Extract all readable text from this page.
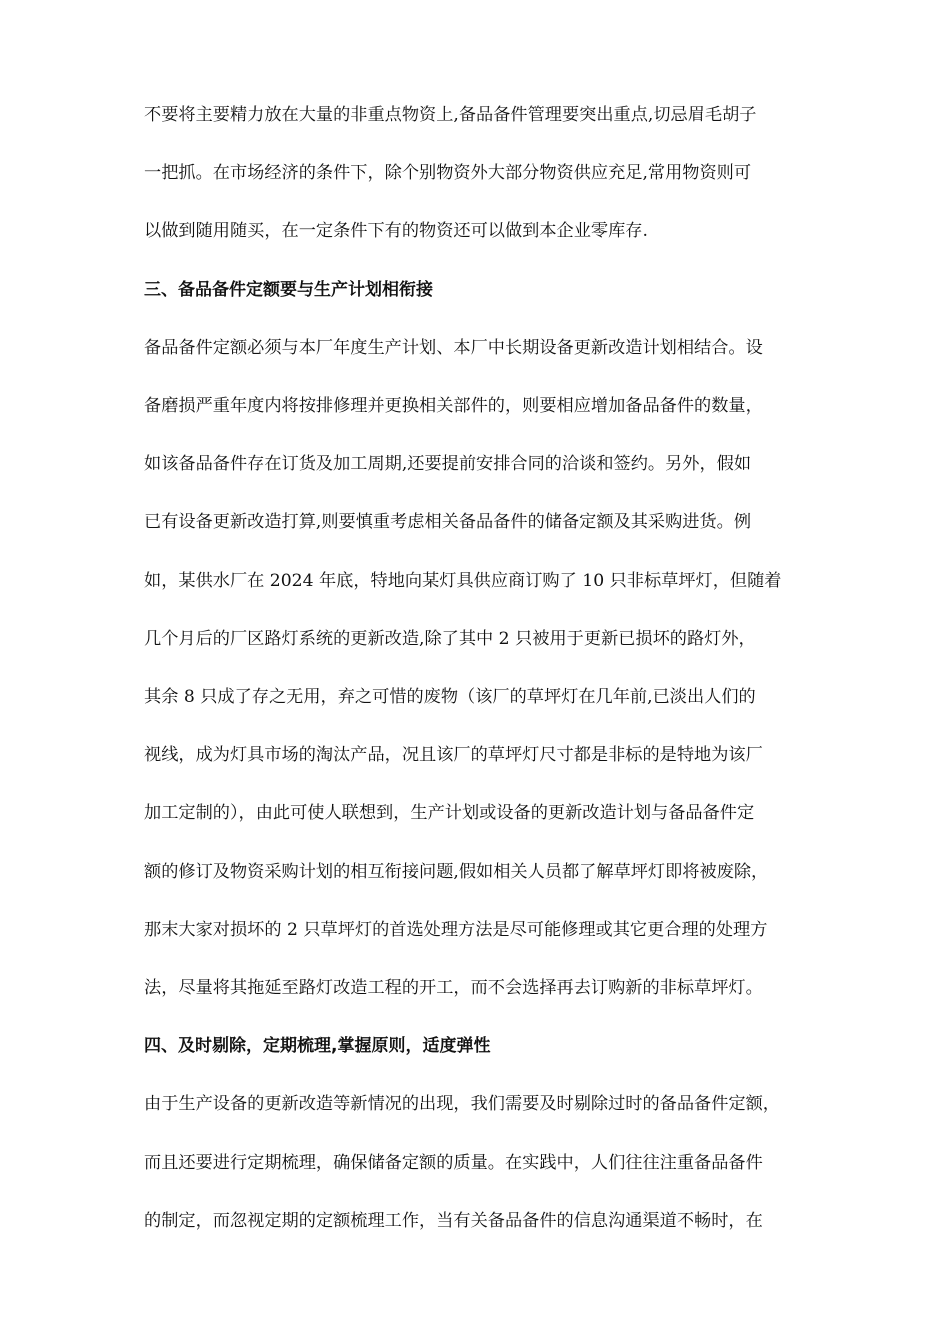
不要将主要精力放在大量的非重点物资上,备品备件管理要突出重点,切忌眉毛胡子
一把抓。在市场经济的条件下，除个别物资外大部分物资供应充足,常用物资则可
以做到随用随买，在一定条件下有的物资还可以做到本企业零库存.
三、备品备件定额要与生产计划相衔接
备品备件定额必须与本厂年度生产计划、本厂中长期设备更新改造计划相结合。设
备磨损严重年度内将按排修理并更换相关部件的，则要相应增加备品备件的数量，
如该备品备件存在订货及加工周期,还要提前安排合同的洽谈和签约。另外，假如
已有设备更新改造打算,则要慎重考虑相关备品备件的储备定额及其采购进货。例
如，某供水厂在 2024 年底，特地向某灯具供应商订购了 10 只非标草坪灯，但随着
几个月后的厂区路灯系统的更新改造,除了其中 2 只被用于更新已损坏的路灯外，
其余 8 只成了存之无用，弃之可惜的废物（该厂的草坪灯在几年前,已淡出人们的
视线，成为灯具市场的淘汰产品，况且该厂的草坪灯尺寸都是非标的是特地为该厂
加工定制的），由此可使人联想到，生产计划或设备的更新改造计划与备品备件定
额的修订及物资采购计划的相互衔接问题,假如相关人员都了解草坪灯即将被废除，
那末大家对损坏的 2 只草坪灯的首选处理方法是尽可能修理或其它更合理的处理方
法，尽量将其拖延至路灯改造工程的开工，而不会选择再去订购新的非标草坪灯。
四、及时剔除，定期梳理,掌握原则，适度弹性
由于生产设备的更新改造等新情况的出现，我们需要及时剔除过时的备品备件定额，
而且还要进行定期梳理，确保储备定额的质量。在实践中，人们往往注重备品备件
的制定，而忽视定期的定额梳理工作，当有关备品备件的信息沟通渠道不畅时，在
